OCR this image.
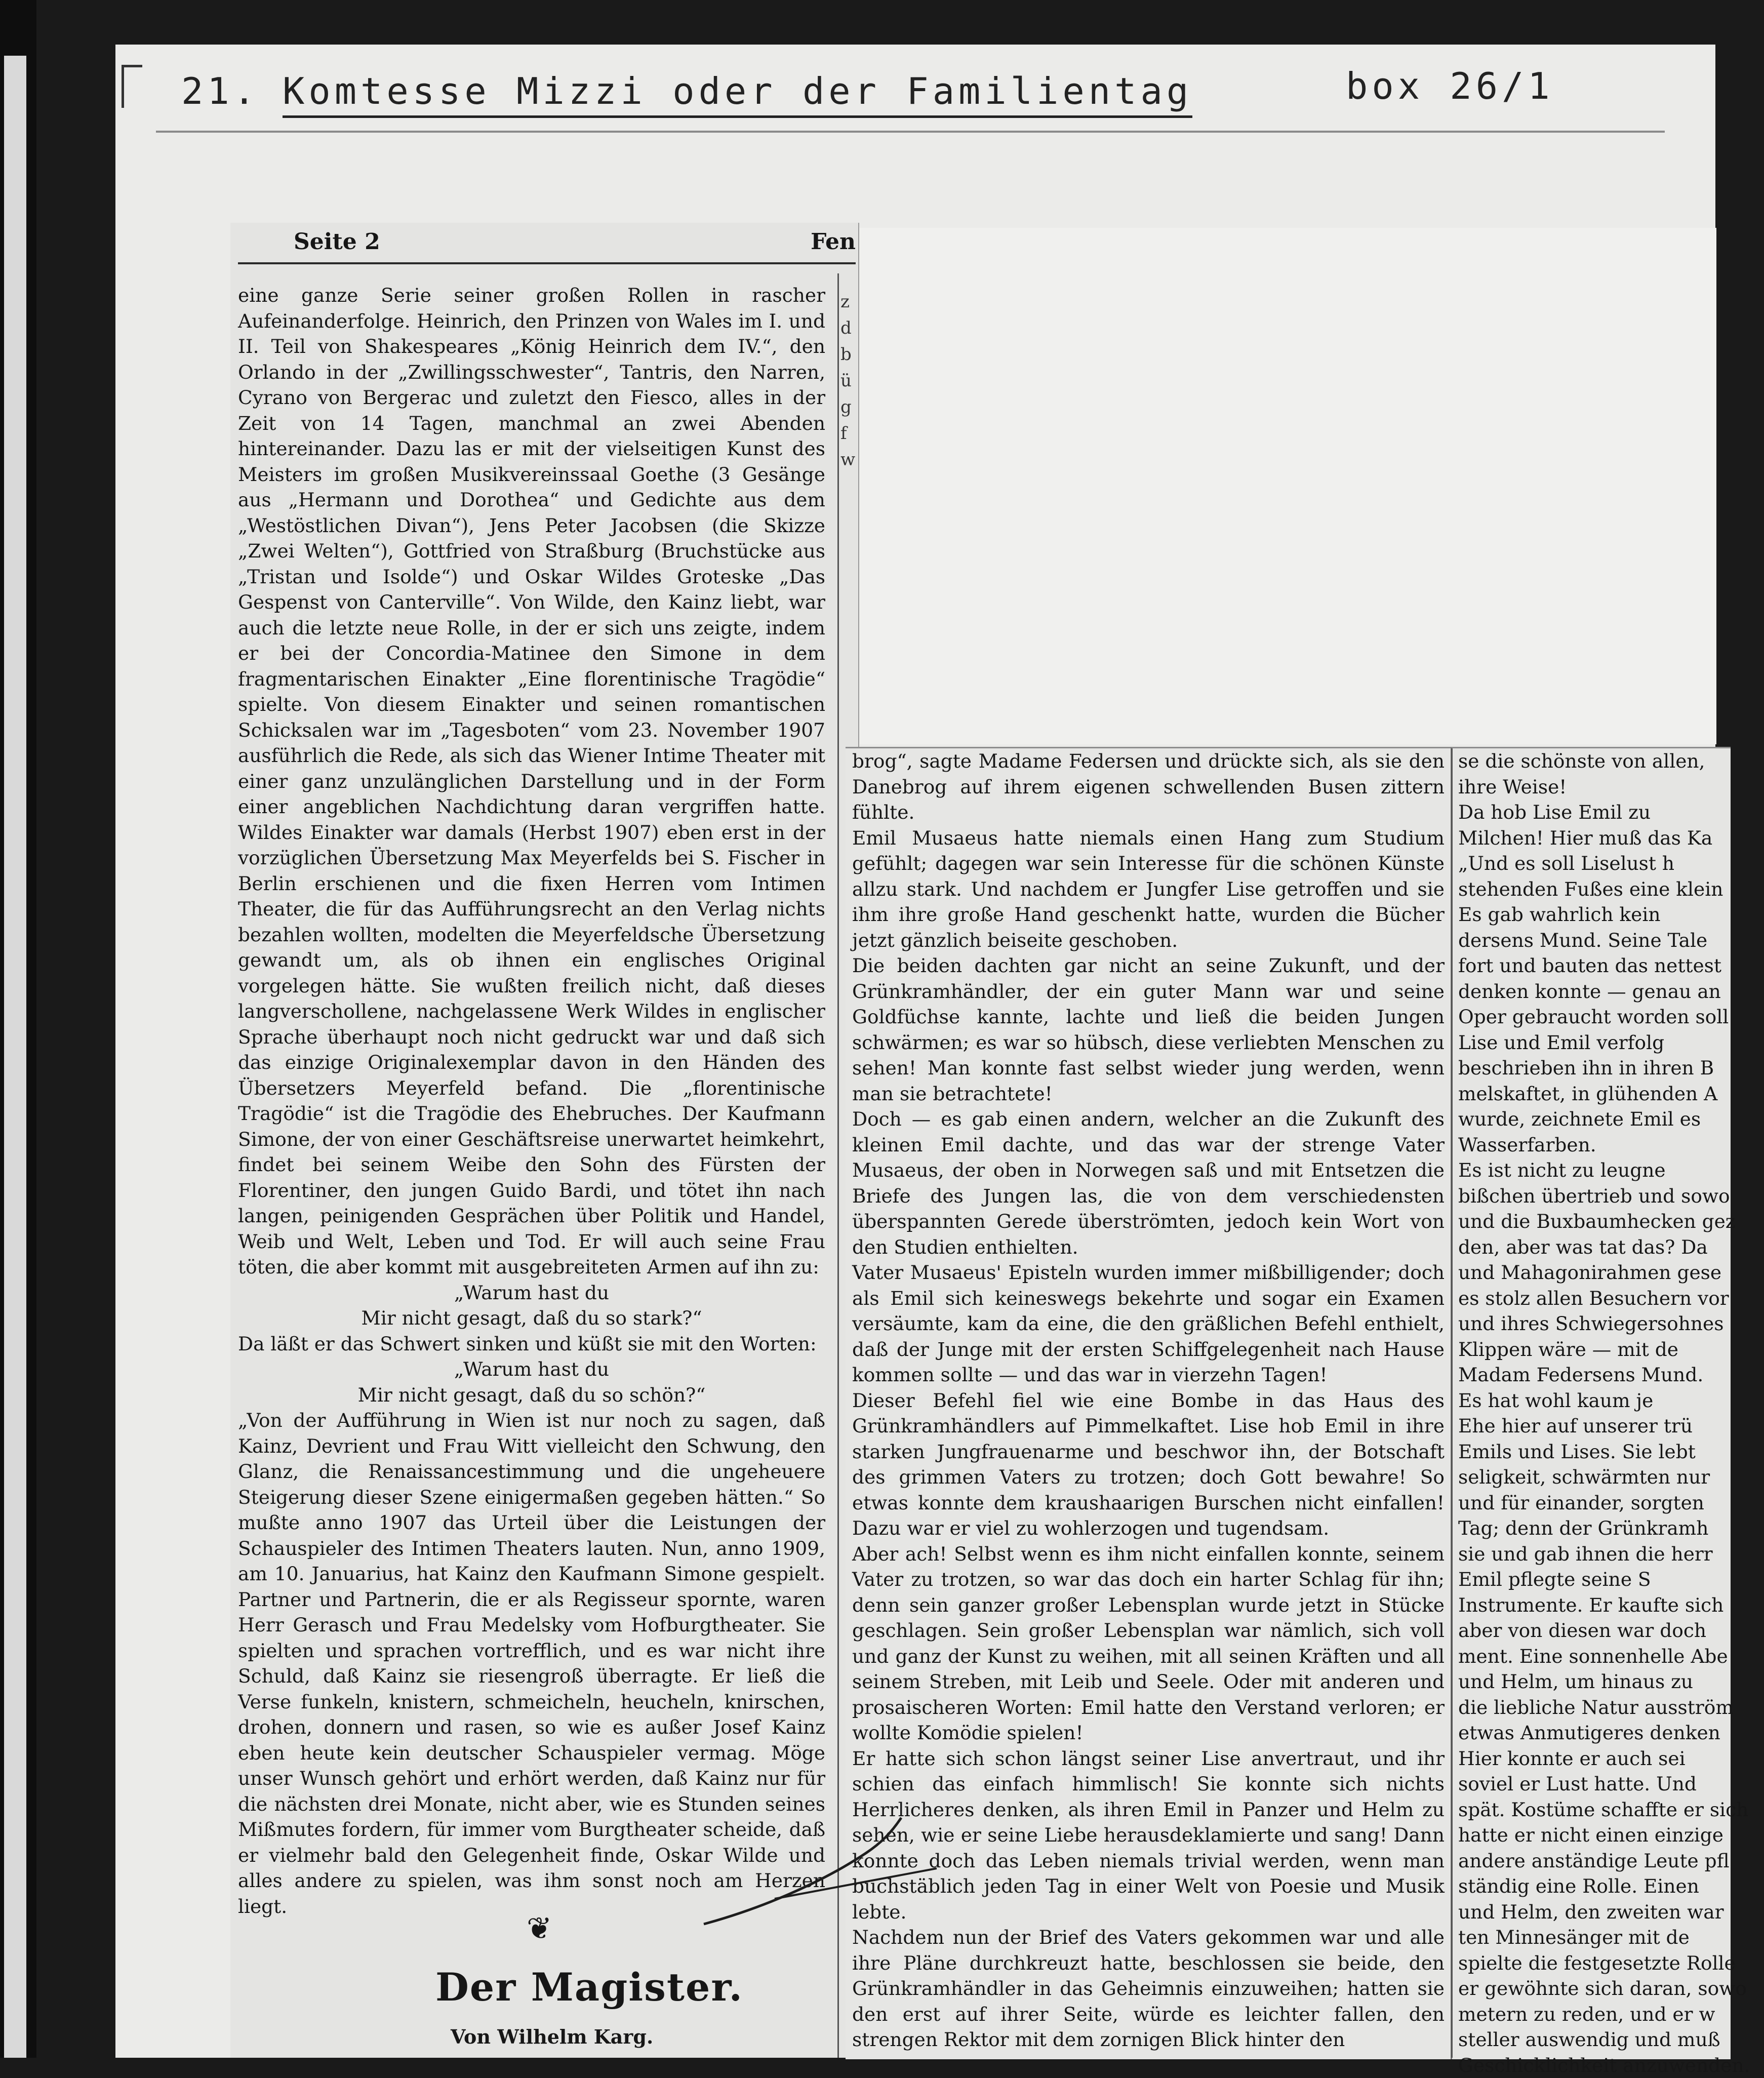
21. Komtesse Mizzi oder der Familientag	box 26/1
Seite 2	Fen
z
d
b
ü
g
f
w

eine ganze Serie seiner großen Rollen in rascher Aufeinanderfolge. Heinrich, den Prinzen von Wales im I. und II. Teil von Shakespeares „König Heinrich dem IV.“, den Orlando in der „Zwillingsschwester“, Tantris, den Narren, Cyrano von Bergerac und zuletzt den Fiesco, alles in der Zeit von 14 Tagen, manchmal an zwei Abenden hintereinander. Dazu las er mit der vielseitigen Kunst des Meisters im großen Musikvereinssaal Goethe (3 Gesänge aus „Hermann und Dorothea“ und Gedichte aus dem „Westöstlichen Divan“), Jens Peter Jacobsen (die Skizze „Zwei Welten“), Gottfried von Straßburg (Bruchstücke aus „Tristan und Isolde“) und Oskar Wildes Groteske „Das Gespenst von Canterville“. Von Wilde, den Kainz liebt, war auch die letzte neue Rolle, in der er sich uns zeigte, indem er bei der Concordia-Matinee den Simone in dem fragmentarischen Einakter „Eine florentinische Tragödie“ spielte. Von diesem Einakter und seinen romantischen Schicksalen war im „Tagesboten“ vom 23. November 1907 ausführlich die Rede, als sich das Wiener Intime Theater mit einer ganz unzulänglichen Darstellung und in der Form einer angeblichen Nachdichtung daran vergriffen hatte. Wildes Einakter war damals (Herbst 1907) eben erst in der vorzüglichen Übersetzung Max Meyerfelds bei S. Fischer in Berlin erschienen und die fixen Herren vom Intimen Theater, die für das Aufführungsrecht an den Verlag nichts bezahlen wollten, modelten die Meyerfeldsche Übersetzung gewandt um, als ob ihnen ein englisches Original vorgelegen hätte. Sie wußten freilich nicht, daß dieses langverschollene, nachgelassene Werk Wildes in englischer Sprache überhaupt noch nicht gedruckt war und daß sich das einzige Originalexemplar davon in den Händen des Übersetzers Meyerfeld befand. Die „florentinische Tragödie“ ist die Tragödie des Ehebruches. Der Kaufmann Simone, der von einer Geschäftsreise unerwartet heimkehrt, findet bei seinem Weibe den Sohn des Fürsten der Florentiner, den jungen Guido Bardi, und tötet ihn nach langen, peinigenden Gesprächen über Politik und Handel, Weib und Welt, Leben und Tod. Er will auch seine Frau töten, die aber kommt mit ausgebreiteten Armen auf ihn zu:

„Warum hast du

Mir nicht gesagt, daß du so stark?“

Da läßt er das Schwert sinken und küßt sie mit den Worten:

„Warum hast du

Mir nicht gesagt, daß du so schön?“

„Von der Aufführung in Wien ist nur noch zu sagen, daß Kainz, Devrient und Frau Witt vielleicht den Schwung, den Glanz, die Renaissancestimmung und die ungeheuere Steigerung dieser Szene einigermaßen gegeben hätten.“ So mußte anno 1907 das Urteil über die Leistungen der Schauspieler des Intimen Theaters lauten. Nun, anno 1909, am 10. Januarius, hat Kainz den Kaufmann Simone gespielt. Partner und Partnerin, die er als Regisseur spornte, waren Herr Gerasch und Frau Medelsky vom Hofburgtheater. Sie spielten und sprachen vortrefflich, und es war nicht ihre Schuld, daß Kainz sie riesengroß überragte. Er ließ die Verse funkeln, knistern, schmeicheln, heucheln, knirschen, drohen, donnern und rasen, so wie es außer Josef Kainz eben heute kein deutscher Schauspieler vermag. Möge unser Wunsch gehört und erhört werden, daß Kainz nur für die nächsten drei Monate, nicht aber, wie es Stunden seines Mißmutes fordern, für immer vom Burgtheater scheide, daß er vielmehr bald den Gelegenheit finde, Oskar Wilde und alles andere zu spielen, was ihm sonst noch am Herzen liegt.

❦
Der Magister.
Von Wilhelm Karg.

brog“, sagte Madame Federsen und drückte sich, als sie den Danebrog auf ihrem eigenen schwellenden Busen zittern fühlte.

Emil Musaeus hatte niemals einen Hang zum Studium gefühlt; dagegen war sein Interesse für die schönen Künste allzu stark. Und nachdem er Jungfer Lise getroffen und sie ihm ihre große Hand geschenkt hatte, wurden die Bücher jetzt gänzlich beiseite geschoben.

Die beiden dachten gar nicht an seine Zukunft, und der Grünkramhändler, der ein guter Mann war und seine Goldfüchse kannte, lachte und ließ die beiden Jungen schwärmen; es war so hübsch, diese verliebten Menschen zu sehen! Man konnte fast selbst wieder jung werden, wenn man sie betrachtete!

Doch — es gab einen andern, welcher an die Zukunft des kleinen Emil dachte, und das war der strenge Vater Musaeus, der oben in Norwegen saß und mit Entsetzen die Briefe des Jungen las, die von dem verschiedensten überspannten Gerede überströmten, jedoch kein Wort von den Studien enthielten.

Vater Musaeus' Episteln wurden immer mißbilligender; doch als Emil sich keineswegs bekehrte und sogar ein Examen versäumte, kam da eine, die den gräßlichen Befehl enthielt, daß der Junge mit der ersten Schiffgelegenheit nach Hause kommen sollte — und das war in vierzehn Tagen!

Dieser Befehl fiel wie eine Bombe in das Haus des Grünkramhändlers auf Pimmelkaftet. Lise hob Emil in ihre starken Jungfrauenarme und beschwor ihn, der Botschaft des grimmen Vaters zu trotzen; doch Gott bewahre! So etwas konnte dem kraushaarigen Burschen nicht einfallen! Dazu war er viel zu wohlerzogen und tugendsam.

Aber ach! Selbst wenn es ihm nicht einfallen konnte, seinem Vater zu trotzen, so war das doch ein harter Schlag für ihn; denn sein ganzer großer Lebensplan wurde jetzt in Stücke geschlagen. Sein großer Lebensplan war nämlich, sich voll und ganz der Kunst zu weihen, mit all seinen Kräften und all seinem Streben, mit Leib und Seele. Oder mit anderen und prosaischeren Worten: Emil hatte den Verstand verloren; er wollte Komödie spielen!

Er hatte sich schon längst seiner Lise anvertraut, und ihr schien das einfach himmlisch! Sie konnte sich nichts Herrlicheres denken, als ihren Emil in Panzer und Helm zu sehen, wie er seine Liebe herausdeklamierte und sang! Dann konnte doch das Leben niemals trivial werden, wenn man buchstäblich jeden Tag in einer Welt von Poesie und Musik lebte.

Nachdem nun der Brief des Vaters gekommen war und alle ihre Pläne durchkreuzt hatte, beschlossen sie beide, den Grünkramhändler in das Geheimnis einzuweihen; hatten sie den erst auf ihrer Seite, würde es leichter fallen, den strengen Rektor mit dem zornigen Blick hinter den

se die schönste von allen,

ihre Weise!

Da hob Lise Emil zu

Milchen! Hier muß das Ka

„Und es soll Liselust h

stehenden Fußes eine klein

Es gab wahrlich kein

dersens Mund. Seine Tale

fort und bauten das nettest

denken konnte — genau an

Oper gebraucht worden soll

Lise und Emil verfolg

beschrieben ihn in ihren B

melskaftet, in glühenden A

wurde, zeichnete Emil es

Wasserfarben.

Es ist nicht zu leugne

bißchen übertrieb und sowo

und die Buxbaumhecken gez

den, aber was tat das? Da

und Mahagonirahmen gese

es stolz allen Besuchern vor

und ihres Schwiegersohnes

Klippen wäre — mit de

Madam Federsens Mund.

Es hat wohl kaum je

Ehe hier auf unserer trü

Emils und Lises. Sie lebt

seligkeit, schwärmten nur

und für einander, sorgten

Tag; denn der Grünkramh

sie und gab ihnen die herr

Emil pflegte seine S

Instrumente. Er kaufte sich

aber von diesen war doch

ment. Eine sonnenhelle Abe

und Helm, um hinaus zu

die liebliche Natur ausström

etwas Anmutigeres denken

Hier konnte er auch sei

soviel er Lust hatte. Und

spät. Kostüme schaffte er sich

hatte er nicht einen einzige

andere anständige Leute pfl

ständig eine Rolle. Einen

und Helm, den zweiten war

ten Minnesänger mit de

spielte die festgesetzte Rolle

er gewöhnte sich daran, sowo

metern zu reden, und er w

steller auswendig und muß

Geschicklichkeit anzuwenden.
